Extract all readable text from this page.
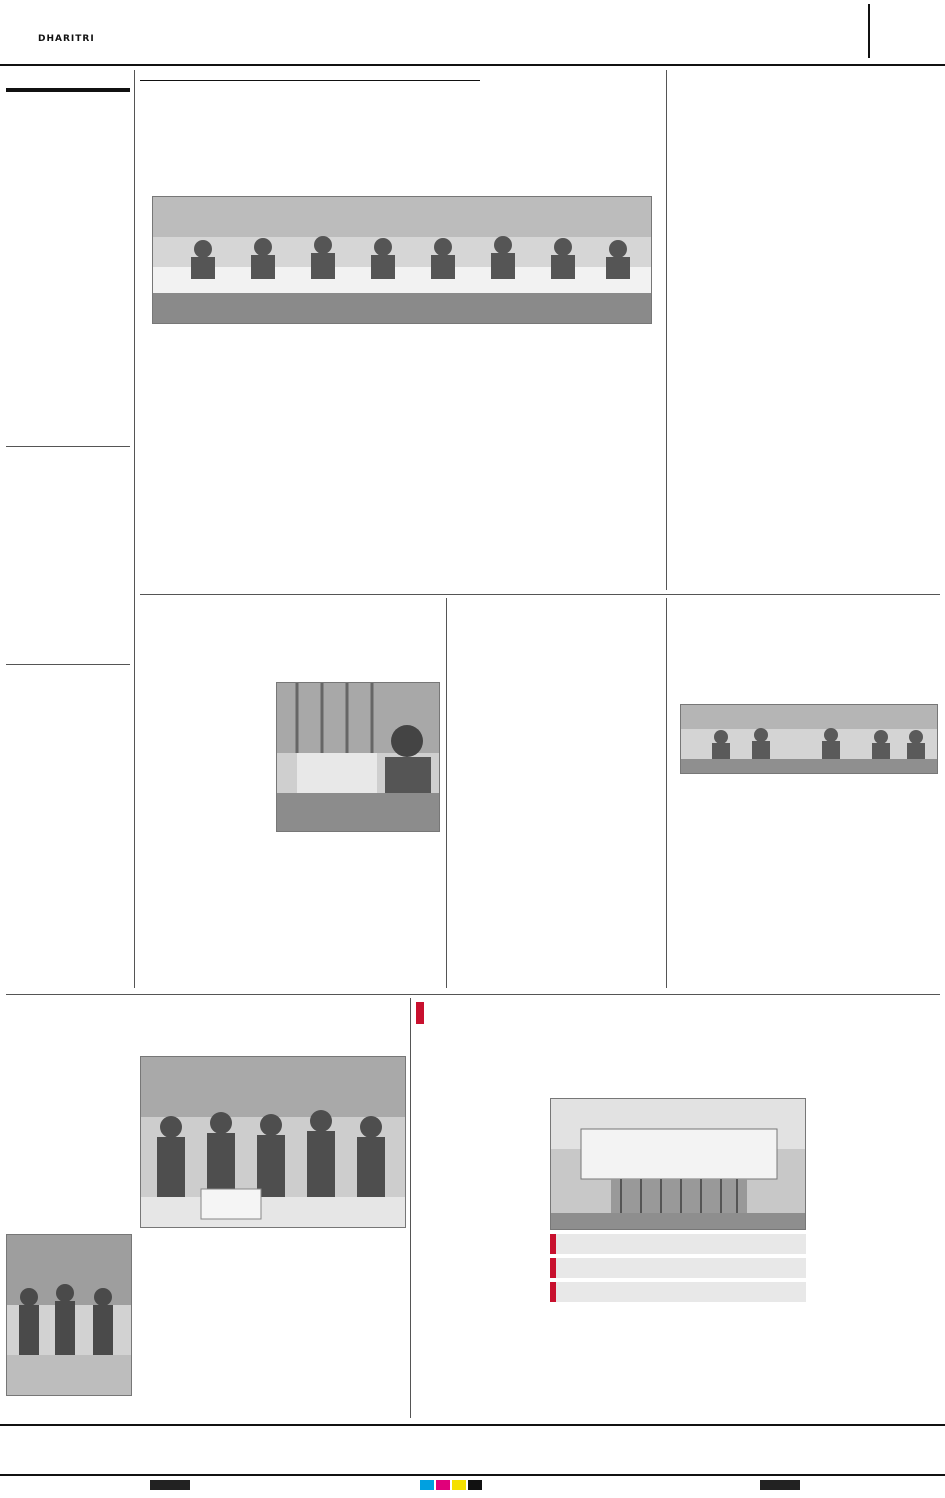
DHARITRI
